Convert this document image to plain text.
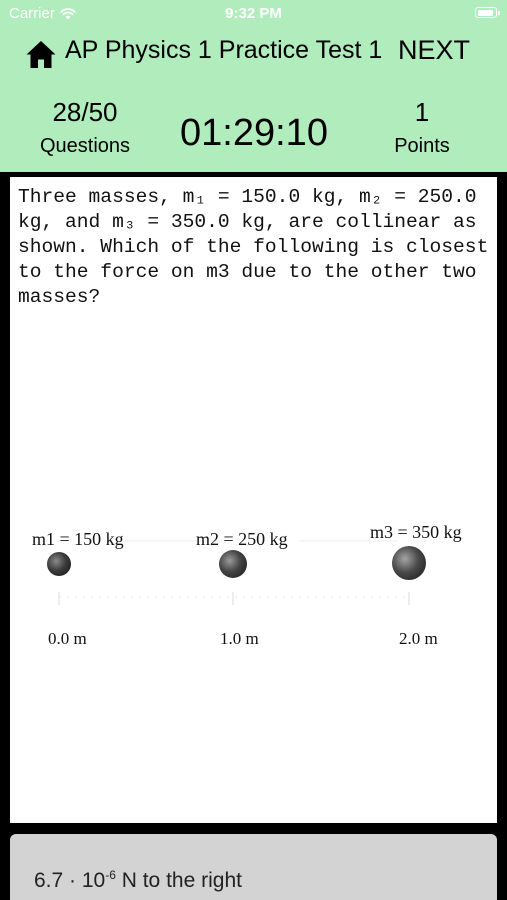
Carrier	9:32 PM
AP Physics 1 Practice Test 1 NEXT
28/50
Questions	01:29:10	1
Points

Three masses, m₁ = 150.0 kg, m₂ = 250.0 kg, and m₃ = 350.0 kg, are collinear as shown. Which of the following is closest to the force on m3 due to the other two masses?

m1 = 150 kg	m2 = 250 kg	m3 = 350 kg
0.0 m	1.0 m	2.0 m
$6.7 \cdot 10^{-6}$ N to the right
